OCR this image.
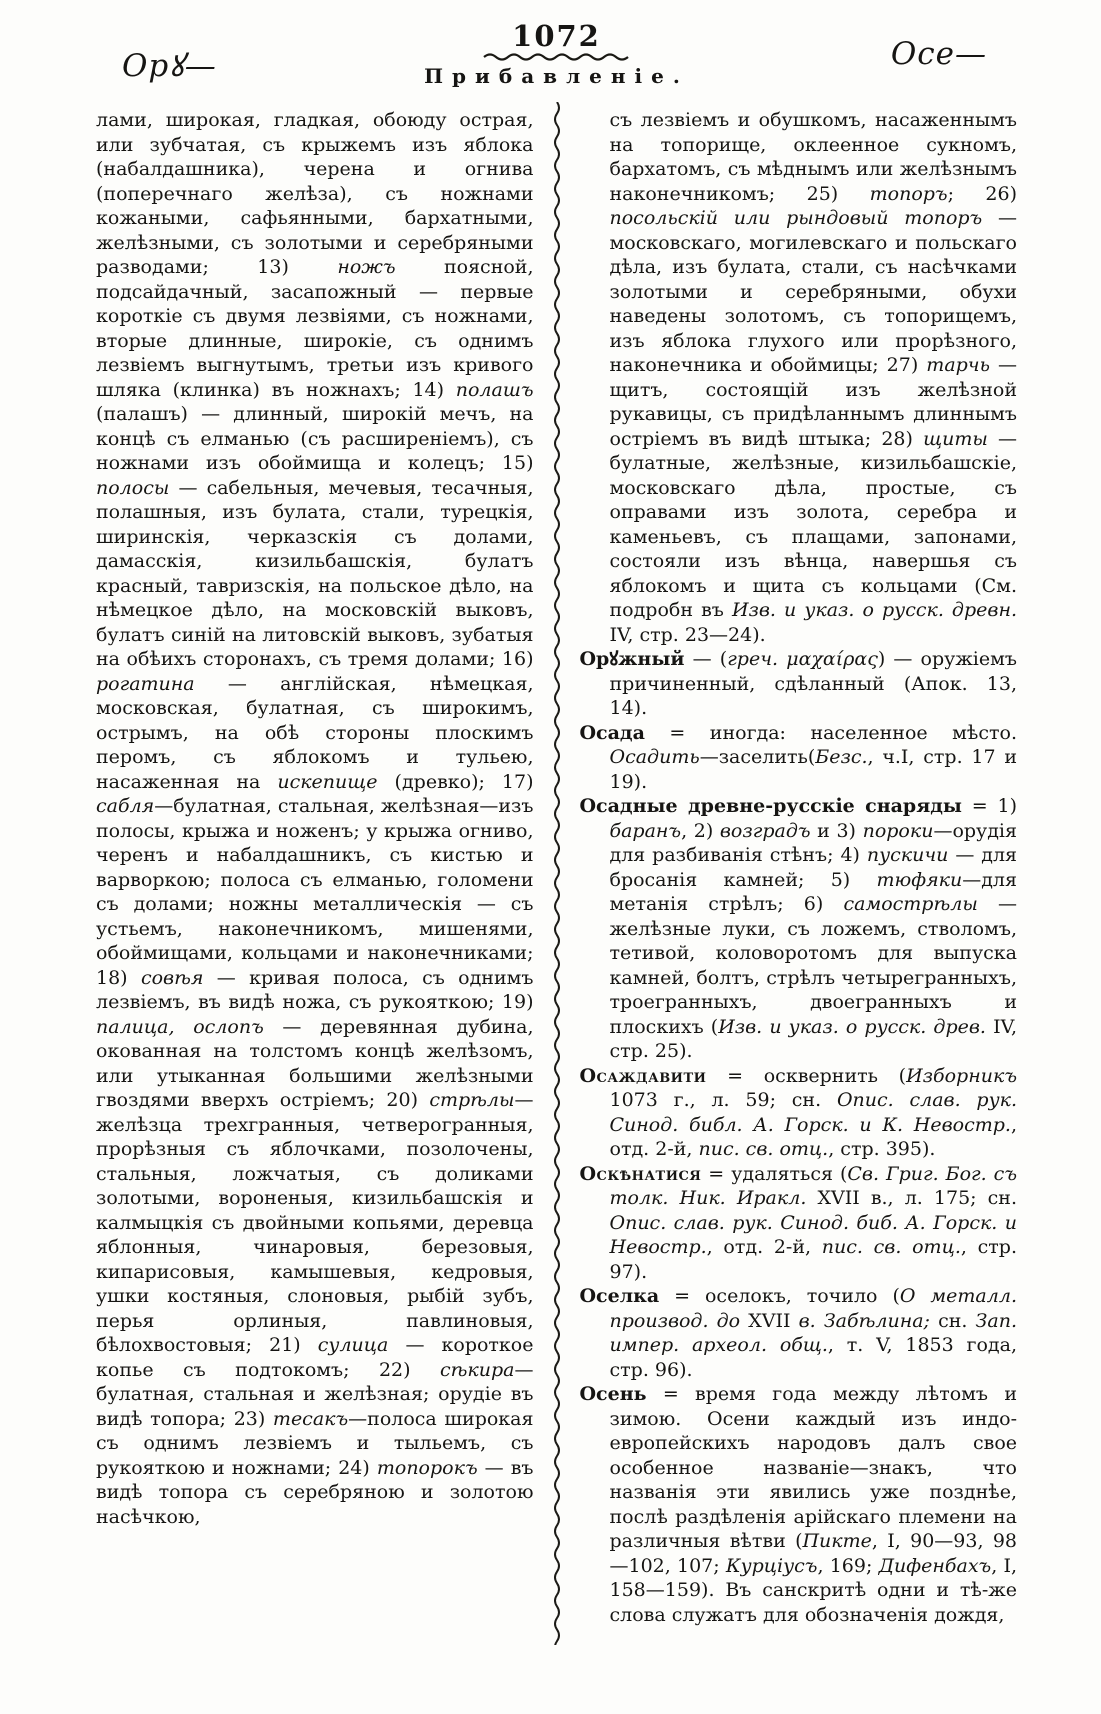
Орꙋ—
1072
Прибавленіе.
Осе—

лами, широкая, гладкая, обоюду острая, или зубчатая, съ крыжемъ изъ яблока (набалдашника), черена и огнива (поперечнаго желѣза), съ ножнами кожаными, сафьянными, бархатными, желѣзными, съ золотыми и серебряными разводами; 13) ножъ поясной, подсайдачный, засапожный — первые короткіе съ двумя лезвіями, съ ножнами, вторые длинные, широкіе, съ однимъ лезвіемъ выгнутымъ, третьи изъ кривого шляка (клинка) въ ножнахъ; 14) полашъ (палашъ) — длинный, широкій мечъ, на концѣ съ елманью (съ расширеніемъ), съ ножнами изъ обоймища и колецъ; 15) полосы — сабельныя, мечевыя, тесачныя, полашныя, изъ булата, стали, турецкія, ширинскія, черказскія съ долами, дамасскія, кизильбашскія, булатъ красный, тавризскія, на польское дѣло, на нѣмецкое дѣло, на московскій выковъ, булатъ синій на литовскій выковъ, зубатыя на обѣихъ сторонахъ, съ тремя долами; 16) рогатина — англійская, нѣмецкая, московская, булатная, съ широкимъ, острымъ, на обѣ стороны плоскимъ перомъ, съ яблокомъ и тульею, насаженная на искепище (древко); 17) сабля—булатная, стальная, желѣзная—изъ полосы, крыжа и ноженъ; у крыжа огниво, черенъ и набалдашникъ, съ кистью и варворкою; полоса съ елманью, голомени съ долами; ножны металлическія — съ устьемъ, наконечникомъ, мишенями, обоймищами, кольцами и наконечниками; 18) совѣя — кривая полоса, съ однимъ лезвіемъ, въ видѣ ножа, съ рукояткою; 19) палица, ослопъ — деревянная дубина, окованная на толстомъ концѣ желѣзомъ, или утыканная большими желѣзными гвоздями вверхъ остріемъ; 20) стрѣлы—желѣзца трехгранныя, четверогранныя, прорѣзныя съ яблочками, позолочены, стальныя, ложчатыя, съ доликами золотыми, вороненыя, кизильбашскія и калмыцкія съ двойными копьями, деревца яблонныя, чинаровыя, березовыя, кипарисовыя, камышевыя, кедровыя, ушки костяныя, слоновыя, рыбій зубъ, перья орлиныя, павлиновыя, бѣлохвостовыя; 21) сулица — короткое копье съ подтокомъ; 22) сѣкира—булатная, стальная и желѣзная; орудіе въ видѣ топора; 23) тесакъ—полоса широкая съ однимъ лезвіемъ и тыльемъ, съ рукояткою и ножнами; 24) топорокъ — въ видѣ топора съ серебряною и золотою насѣчкою,

съ лезвіемъ и обушкомъ, насаженнымъ на топорище, оклеенное сукномъ, бархатомъ, съ мѣднымъ или желѣзнымъ наконечникомъ; 25) топоръ; 26) посольскій или рындовый топоръ — московскаго, могилевскаго и польскаго дѣла, изъ булата, стали, съ насѣчками золотыми и серебряными, обухи наведены золотомъ, съ топорищемъ, изъ яблока глухого или прорѣзного, наконечника и обоймицы; 27) тарчь — щитъ, состоящій изъ желѣзной рукавицы, съ придѣланнымъ длиннымъ остріемъ въ видѣ штыка; 28) щиты — булатные, желѣзные, кизильбашскіе, московскаго дѣла, простые, съ оправами изъ золота, серебра и каменьевъ, съ плащами, запонами, состояли изъ вѣнца, навершья съ яблокомъ и щита съ кольцами (См. подробн въ Изв. и указ. о русск. древн. IV, стр. 23—24).

Орꙋжный — (греч. μαχαίρας) — оружіемъ причиненный, сдѣланный (Апок. 13, 14).

Осада = иногда: населенное мѣсто. Осадить—заселить(Безс., ч.I, стр. 17 и 19).

Осадные древне-русскіе снаряды = 1) баранъ, 2) возградъ и 3) пороки—орудія для разбиванія стѣнъ; 4) пускичи — для бросанія камней; 5) тюфяки—для метанія стрѣлъ; 6) самострѣлы — желѣзные луки, съ ложемъ, стволомъ, тетивой, коловоротомъ для выпуска камней, болтъ, стрѣлъ четырегранныхъ, троегранныхъ, двоегранныхъ и плоскихъ (Изв. и указ. о русск. древ. IV, стр. 25).

Осаждавити = осквернить (Изборникъ 1073 г., л. 59; сн. Опис. слав. рук. Синод. библ. А. Горск. и К. Невостр., отд. 2-й, пис. св. отц., стр. 395).

Оскѣнатися = удаляться (Св. Григ. Бог. съ толк. Ник. Иракл. XVII в., л. 175; сн. Опис. слав. рук. Синод. биб. А. Горск. и Невостр., отд. 2-й, пис. св. отц., стр. 97).

Оселка = оселокъ, точило (О металл. производ. до XVII в. Забѣлина; сн. Зап. импер. археол. общ., т. V, 1853 года, стр. 96).

Осень = время года между лѣтомъ и зимою. Осени каждый изъ индо-европейскихъ народовъ далъ свое особенное названіе—знакъ, что названія эти явились уже позднѣе, послѣ раздѣленія арійскаго племени на различныя вѣтви (Пикте, I, 90—93, 98—102, 107; Курціусъ, 169; Дифенбахъ, I, 158—159). Въ санскритѣ одни и тѣ-же слова служатъ для обозначенія дождя,
